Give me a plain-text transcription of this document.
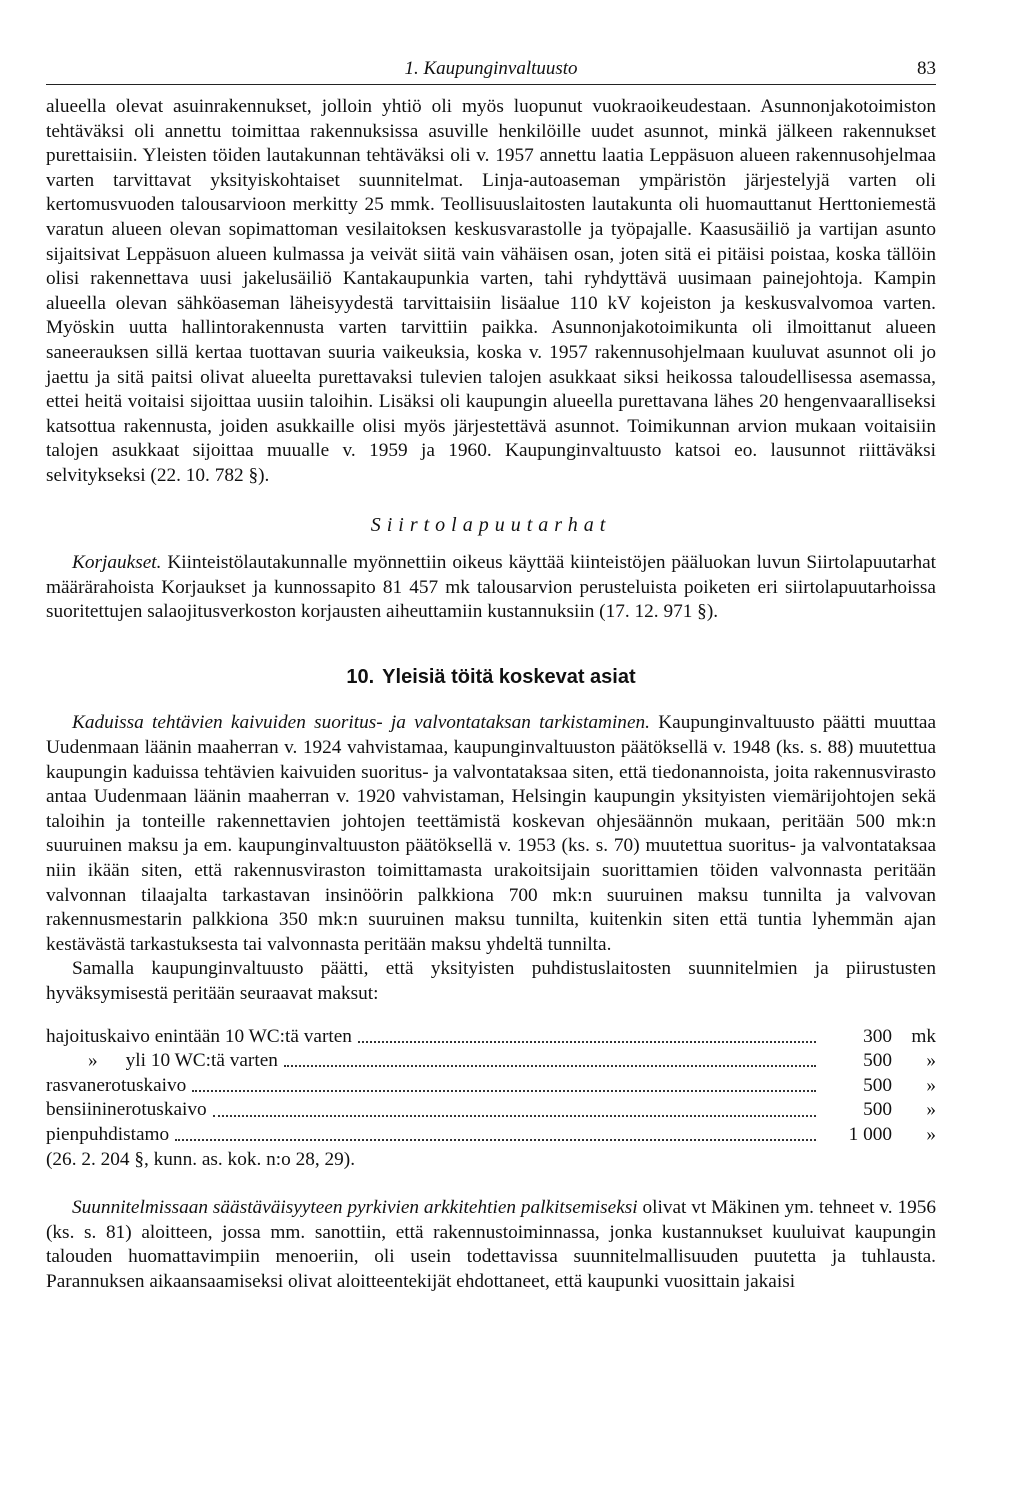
1. Kaupunginvaltuusto	83

alueella olevat asuinrakennukset, jolloin yhtiö oli myös luopunut vuokraoikeudestaan. Asunnonjakotoimiston tehtäväksi oli annettu toimittaa rakennuksissa asuville henkilöille uudet asunnot, minkä jälkeen rakennukset purettaisiin. Yleisten töiden lautakunnan tehtäväksi oli v. 1957 annettu laatia Leppäsuon alueen rakennusohjelmaa varten tarvittavat yksityiskohtaiset suunnitelmat. Linja-autoaseman ympäristön järjestelyjä varten oli kertomusvuoden talousarvioon merkitty 25 mmk. Teollisuuslaitosten lautakunta oli huomauttanut Herttoniemestä varatun alueen olevan sopimattoman vesilaitoksen keskusvarastolle ja työpajalle. Kaasusäiliö ja vartijan asunto sijaitsivat Leppäsuon alueen kulmassa ja veivät siitä vain vähäisen osan, joten sitä ei pitäisi poistaa, koska tällöin olisi rakennettava uusi jakelusäiliö Kantakaupunkia varten, tahi ryhdyttävä uusimaan painejohtoja. Kampin alueella olevan sähköaseman läheisyydestä tarvittaisiin lisäalue 110 kV kojeiston ja keskusvalvomoa varten. Myöskin uutta hallintorakennusta varten tarvittiin paikka. Asunnonjakotoimikunta oli ilmoittanut alueen saneerauksen sillä kertaa tuottavan suuria vaikeuksia, koska v. 1957 rakennusohjelmaan kuuluvat asunnot oli jo jaettu ja sitä paitsi olivat alueelta purettavaksi tulevien talojen asukkaat siksi heikossa taloudellisessa asemassa, ettei heitä voitaisi sijoittaa uusiin taloihin. Lisäksi oli kaupungin alueella purettavana lähes 20 hengenvaaralliseksi katsottua rakennusta, joiden asukkaille olisi myös järjestettävä asunnot. Toimikunnan arvion mukaan voitaisiin talojen asukkaat sijoittaa muualle v. 1959 ja 1960. Kaupunginvaltuusto katsoi eo. lausunnot riittäväksi selvitykseksi (22. 10. 782 §).

Siirtolapuutarhat

Korjaukset. Kiinteistölautakunnalle myönnettiin oikeus käyttää kiinteistöjen pääluokan luvun Siirtolapuutarhat määrärahoista Korjaukset ja kunnossapito 81 457 mk talousarvion perusteluista poiketen eri siirtolapuutarhoissa suoritettujen salaojitusverkoston korjausten aiheuttamiin kustannuksiin (17. 12. 971 §).

10. Yleisiä töitä koskevat asiat

Kaduissa tehtävien kaivuiden suoritus- ja valvontataksan tarkistaminen. Kaupunginvaltuusto päätti muuttaa Uudenmaan läänin maaherran v. 1924 vahvistamaa, kaupunginvaltuuston päätöksellä v. 1948 (ks. s. 88) muutettua kaupungin kaduissa tehtävien kaivuiden suoritus- ja valvontataksaa siten, että tiedonannoista, joita rakennusvirasto antaa Uudenmaan läänin maaherran v. 1920 vahvistaman, Helsingin kaupungin yksityisten viemärijohtojen sekä taloihin ja tonteille rakennettavien johtojen teettämistä koskevan ohjesäännön mukaan, peritään 500 mk:n suuruinen maksu ja em. kaupunginvaltuuston päätöksellä v. 1953 (ks. s. 70) muutettua suoritus- ja valvontataksaa niin ikään siten, että rakennusviraston toimittamasta urakoitsijain suorittamien töiden valvonnasta peritään valvonnan tilaajalta tarkastavan insinöörin palkkiona 700 mk:n suuruinen maksu tunnilta ja valvovan rakennusmestarin palkkiona 350 mk:n suuruinen maksu tunnilta, kuitenkin siten että tuntia lyhemmän ajan kestävästä tarkastuksesta tai valvonnasta peritään maksu yhdeltä tunnilta.

Samalla kaupunginvaltuusto päätti, että yksityisten puhdistuslaitosten suunnitelmien ja piirustusten hyväksymisestä peritään seuraavat maksut:

hajoituskaivo enintään 10 WC:tä varten	300	mk
» yli 10 WC:tä varten	500	»
rasvanerotuskaivo	500	»
bensiininerotuskaivo	500	»
pienpuhdistamo	1 000	»

(26. 2. 204 §, kunn. as. kok. n:o 28, 29).

Suunnitelmissaan säästäväisyyteen pyrkivien arkkitehtien palkitsemiseksi olivat vt Mäkinen ym. tehneet v. 1956 (ks. s. 81) aloitteen, jossa mm. sanottiin, että rakennustoiminnassa, jonka kustannukset kuuluivat kaupungin talouden huomattavimpiin menoeriin, oli usein todettavissa suunnitelmallisuuden puutetta ja tuhlausta. Parannuksen aikaansaamiseksi olivat aloitteentekijät ehdottaneet, että kaupunki vuosittain jakaisi
